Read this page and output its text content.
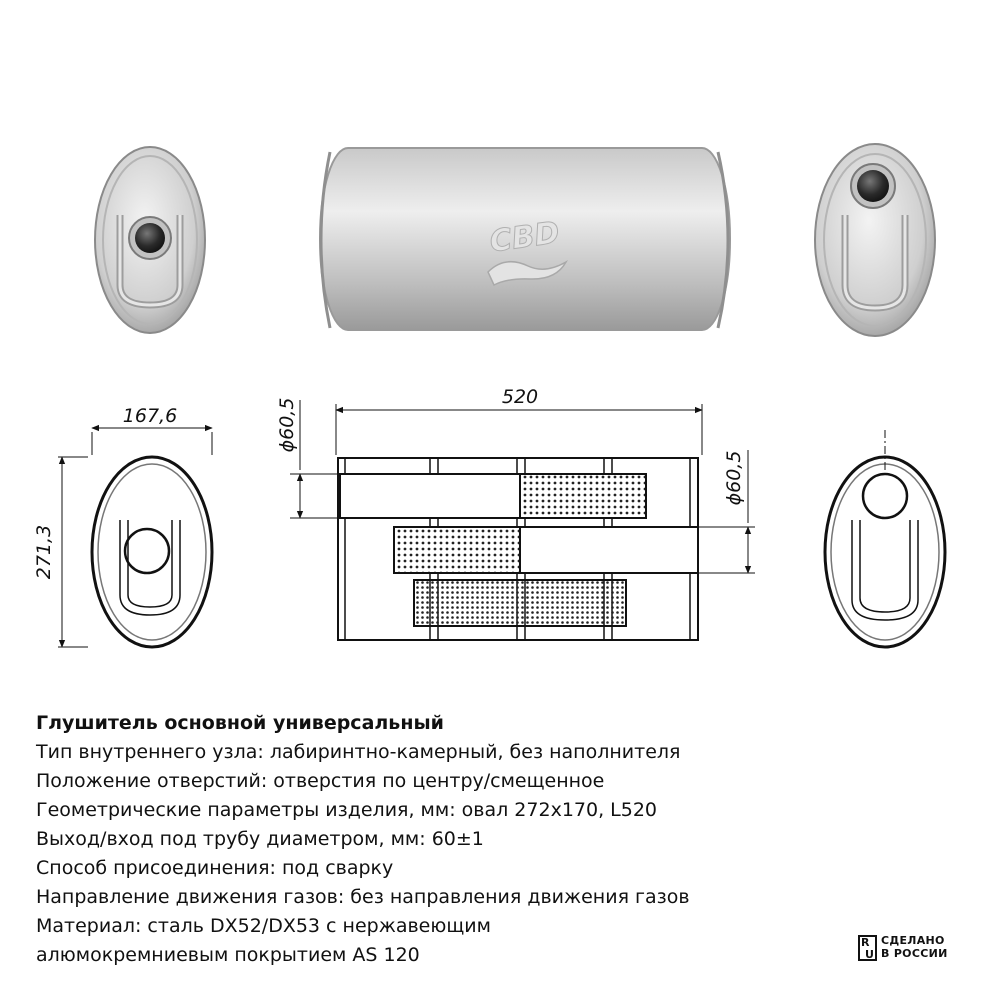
CBD
167,6
271,3
520
ϕ60,5
ϕ60,5
Глушитель основной универсальный
Тип внутреннего узла: лабиринтно-камерный, без наполнителя
Положение отверстий: отверстия по центру/смещенное
Геометрические параметры изделия, мм: овал 272х170, L520
Выход/вход под трубу диаметром, мм: 60±1
Способ присоединения: под сварку
Направление движения газов: без направления движения газов
Материал: сталь DX52/DX53 с нержавеющим
алюмокремниевым покрытием AS 120
R
U
СДЕЛАНО
В РОССИИ
